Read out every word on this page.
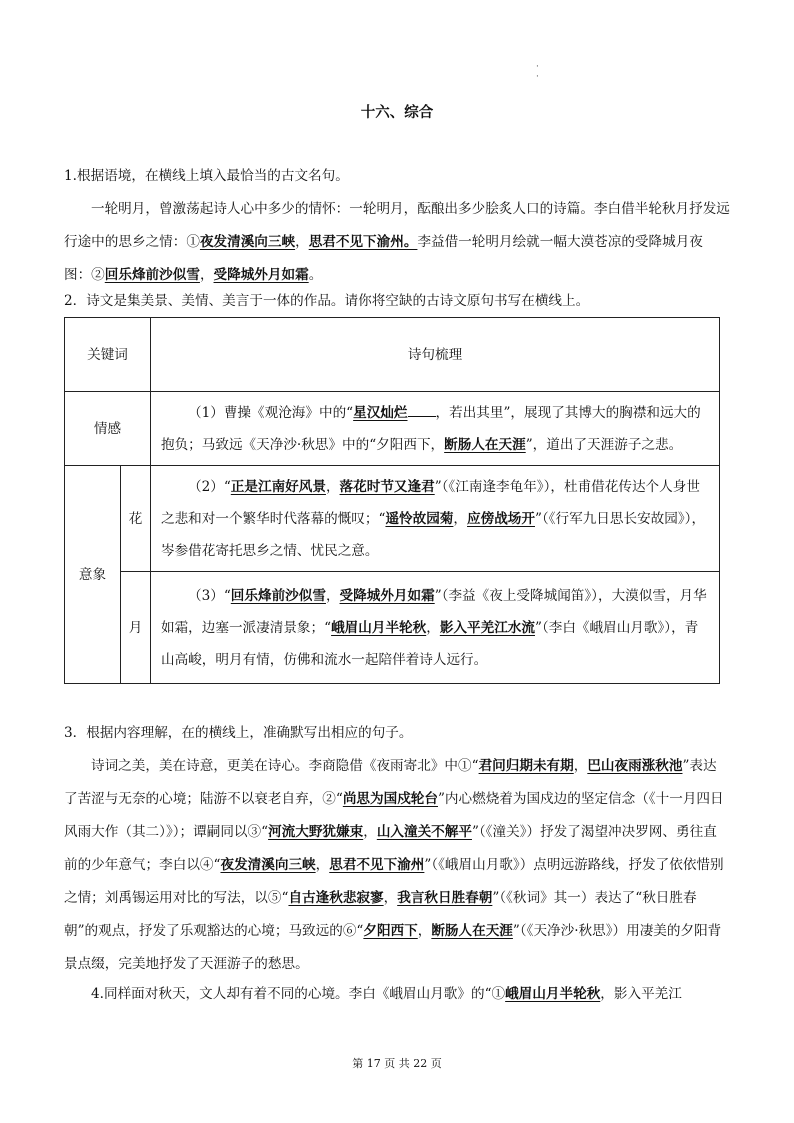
·
·
十六、综合
1.根据语境，在横线上填入最恰当的古文名句。
一轮明月，曾激荡起诗人心中多少的情怀：一轮明月，酝酿出多少脍炙人口的诗篇。李白借半轮秋月抒发远行途中的思乡之情：①夜发清溪向三峡，思君不见下渝州。李益借一轮明月绘就一幅大漠苍凉的受降城月夜图：②回乐烽前沙似雪，受降城外月如霜。
2．诗文是集美景、美情、美言于一体的作品。请你将空缺的古诗文原句书写在横线上。
关键词		诗句梳理
情感		（1）曹操《观沧海》中的“星汉灿烂 ，若出其里”，展现了其博大的胸襟和远大的抱负；马致远《天净沙·秋思》中的“夕阳西下，断肠人在天涯”，道出了天涯游子之悲。

意象	花	（2）“正是江南好风景，落花时节又逢君”（《江南逢李龟年》），杜甫借花传达个人身世之悲和对一个繁华时代落幕的慨叹；“遥怜故园菊，应傍战场开”（《行军九日思长安故园》），岑参借花寄托思乡之情、忧民之意。

	月	（3）“回乐烽前沙似雪，受降城外月如霜”（李益《夜上受降城闻笛》），大漠似雪，月华如霜，边塞一派凄清景象；“峨眉山月半轮秋，影入平羌江水流”（李白《峨眉山月歌》），青山高峻，明月有情，仿佛和流水一起陪伴着诗人远行。
3．根据内容理解，在的横线上，准确默写出相应的句子。
诗词之美，美在诗意，更美在诗心。李商隐借《夜雨寄北》中①“君问归期未有期，巴山夜雨涨秋池”表达了苦涩与无奈的心境；陆游不以衰老自弃，②“尚思为国戍轮台”内心燃烧着为国戍边的坚定信念（《十一月四日风雨大作（其二）》）；谭嗣同以③“河流大野犹嫌束，山入潼关不解平”（《潼关》）抒发了渴望冲决罗网、勇往直前的少年意气；李白以④“夜发清溪向三峡，思君不见下渝州”（《峨眉山月歌》）点明远游路线，抒发了依依惜别之情；刘禹锡运用对比的写法，以⑤“自古逢秋悲寂寥，我言秋日胜春朝”（《秋词》其一）表达了“秋日胜春朝”的观点，抒发了乐观豁达的心境；马致远的⑥“夕阳西下，断肠人在天涯”（《天净沙·秋思》）用凄美的夕阳背景点缀，完美地抒发了天涯游子的愁思。
4.同样面对秋天，文人却有着不同的心境。李白《峨眉山月歌》的“①峨眉山月半轮秋，影入平羌江
第 17 页 共 22 页
